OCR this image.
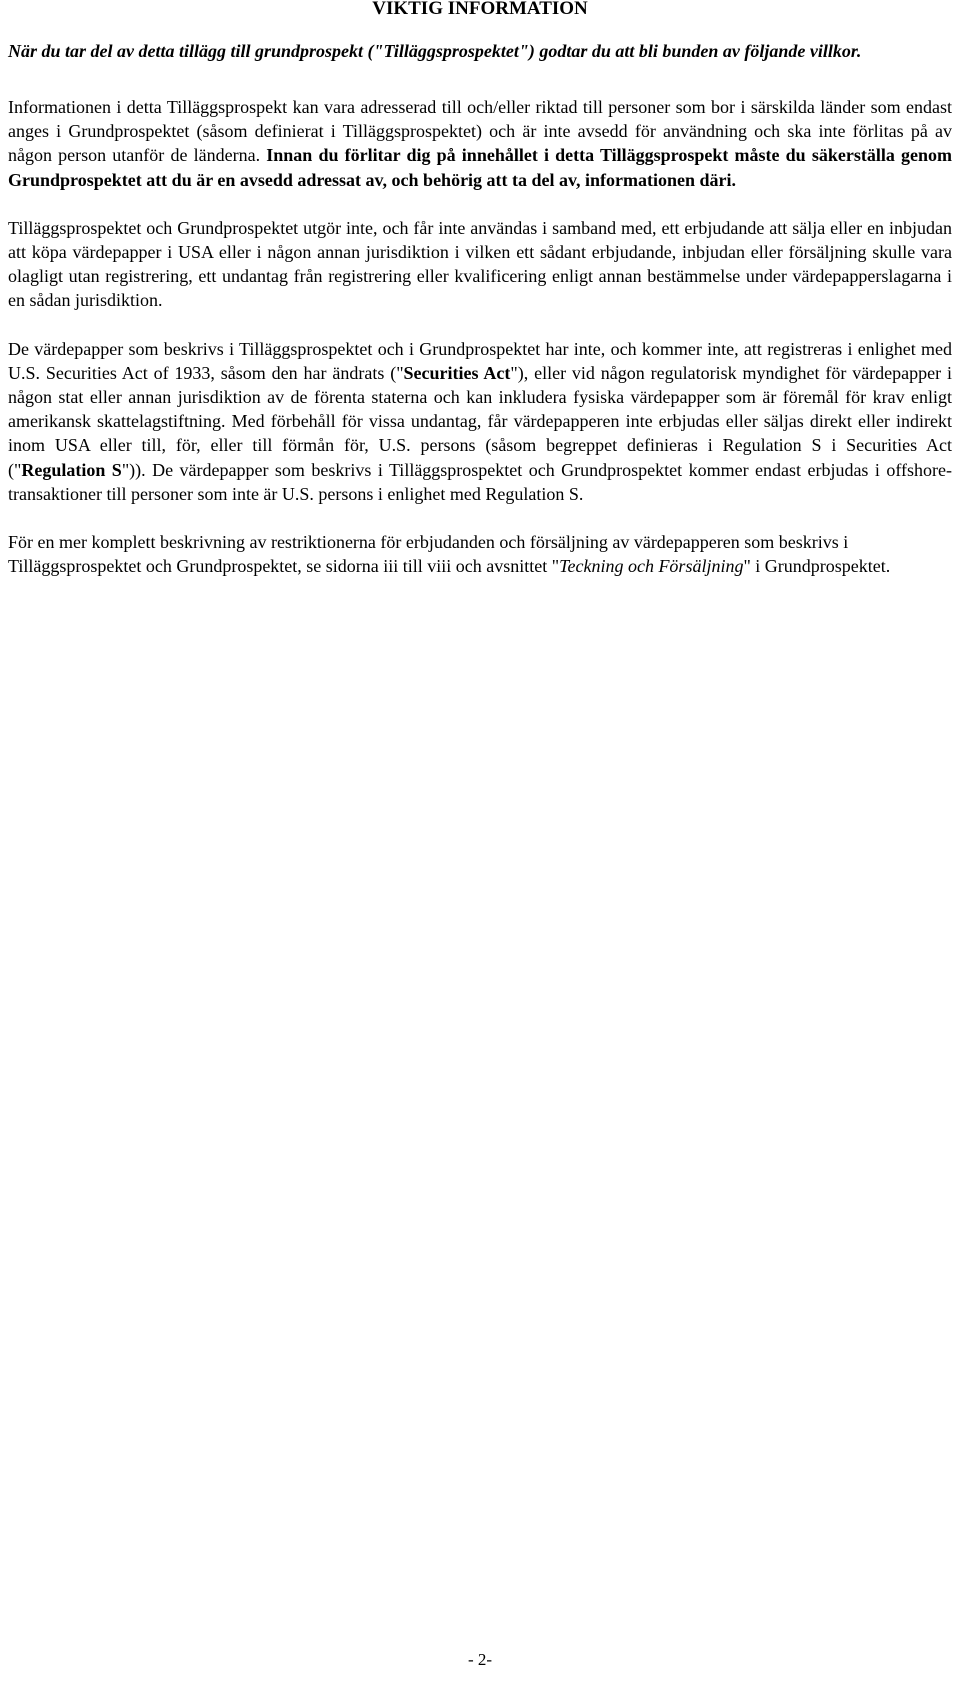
VIKTIG INFORMATION

När du tar del av detta tillägg till grundprospekt ("Tilläggsprospektet") godtar du att bli bunden av följande villkor.

Informationen i detta Tilläggsprospekt kan vara adresserad till och/eller riktad till personer som bor i särskilda länder som endast anges i Grundprospektet (såsom definierat i Tilläggsprospektet) och är inte avsedd för användning och ska inte förlitas på av någon person utanför de länderna. Innan du förlitar dig på innehållet i detta Tilläggsprospekt måste du säkerställa genom Grundprospektet att du är en avsedd adressat av, och behörig att ta del av, informationen däri.

Tilläggsprospektet och Grundprospektet utgör inte, och får inte användas i samband med, ett erbjudande att sälja eller en inbjudan att köpa värdepapper i USA eller i någon annan jurisdiktion i vilken ett sådant erbjudande, inbjudan eller försäljning skulle vara olagligt utan registrering, ett undantag från registrering eller kvalificering enligt annan bestämmelse under värdepapperslagarna i en sådan jurisdiktion.

De värdepapper som beskrivs i Tilläggsprospektet och i Grundprospektet har inte, och kommer inte, att registreras i enlighet med U.S. Securities Act of 1933, såsom den har ändrats ("Securities Act"), eller vid någon regulatorisk myndighet för värdepapper i någon stat eller annan jurisdiktion av de förenta staterna och kan inkludera fysiska värdepapper som är föremål för krav enligt amerikansk skattelagstiftning. Med förbehåll för vissa undantag, får värdepapperen inte erbjudas eller säljas direkt eller indirekt inom USA eller till, för, eller till förmån för, U.S. persons (såsom begreppet definieras i Regulation S i Securities Act ("Regulation S")). De värdepapper som beskrivs i Tilläggsprospektet och Grundprospektet kommer endast erbjudas i offshore-transaktioner till personer som inte är U.S. persons i enlighet med Regulation S.

För en mer komplett beskrivning av restriktionerna för erbjudanden och försäljning av värdepapperen som beskrivs i Tilläggsprospektet och Grundprospektet, se sidorna iii till viii och avsnittet "Teckning och Försäljning" i Grundprospektet.

- 2-
